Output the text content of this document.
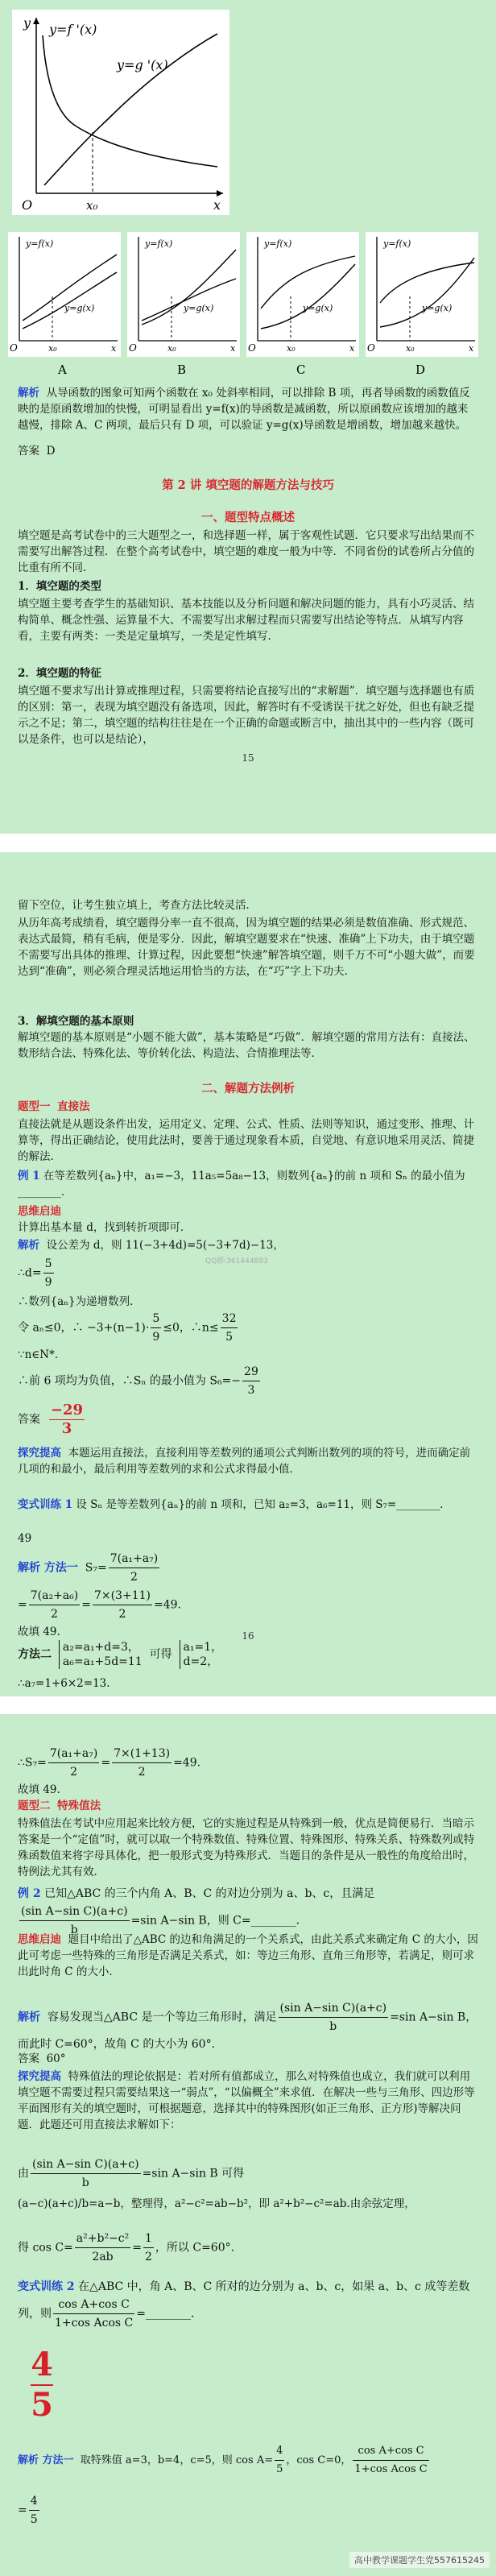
y y=f '(x)
y=g '(x)
O	x₀	x
y=f(x)
y=g(x)
O	x₀	x
A
y=f(x)
y=g(x)
O	x₀	x
B
y=f(x)
y=g(x)
O	x₀	x
C
y=f(x)
y=g(x)
O	x₀	x
D
解析 从导函数的图象可知两个函数在 x₀ 处斜率相同，可以排除 B 项，再者导函数的函数值反映的是原函数增加的快慢，可明显看出 y=f(x)的导函数是减函数，所以原函数应该增加的越来越慢，排除 A、C 两项，最后只有 D 项，可以验证 y=g(x)导函数是增函数，增加越来越快。
答案 D
第 2 讲 填空题的解题方法与技巧
一、题型特点概述
填空题是高考试卷中的三大题型之一，和选择题一样，属于客观性试题．它只要求写出结果而不需要写出解答过程．在整个高考试卷中，填空题的难度一般为中等．不同省份的试卷所占分值的比重有所不同．
1．填空题的类型
填空题主要考查学生的基础知识、基本技能以及分析问题和解决问题的能力，具有小巧灵活、结构简单、概念性强、运算量不大、不需要写出求解过程而只需要写出结论等特点．从填写内容看，主要有两类：一类是定量填写，一类是定性填写．
2．填空题的特征
填空题不要求写出计算或推理过程，只需要将结论直接写出的“求解题”．填空题与选择题也有质的区别：第一，表现为填空题没有备选项，因此，解答时有不受诱误干扰之好处，但也有缺乏提示之不足；第二，填空题的结构往往是在一个正确的命题或断言中，抽出其中的一些内容（既可以是条件，也可以是结论），
15
留下空位，让考生独立填上，考查方法比较灵活．
从历年高考成绩看，填空题得分率一直不很高，因为填空题的结果必须是数值准确、形式规范、表达式最简，稍有毛病，便是零分．因此，解填空题要求在“快速、准确”上下功夫，由于填空题不需要写出具体的推理、计算过程，因此要想“快速”解答填空题，则千万不可“小题大做”，而要达到“准确”，则必须合理灵活地运用恰当的方法，在“巧”字上下功夫．
3．解填空题的基本原则
解填空题的基本原则是“小题不能大做”，基本策略是“巧做”．解填空题的常用方法有：直接法、数形结合法、特殊化法、等价转化法、构造法、合情推理法等．
二、解题方法例析
题型一 直接法
直接法就是从题设条件出发，运用定义、定理、公式、性质、法则等知识，通过变形、推理、计算等，得出正确结论，使用此法时，要善于通过现象看本质，自觉地、有意识地采用灵活、简捷的解法．
例 1 在等差数列{aₙ}中，a₁=−3，11a₅=5a₈−13，则数列{aₙ}的前 n 项和 Sₙ 的最小值为________．
思维启迪
计算出基本量 d，找到转折项即可．
解析 设公差为 d，则 11(−3+4d)=5(−3+7d)−13，
∴d= $\frac{5}{9}$
∴数列{aₙ}为递增数列．
令 aₙ≤0，∴ $-3+(n-1)\cdot \frac{5}{9} \le 0$，∴n≤ $\frac{32}{5}$
∵n∈N*．
∴前 6 项均为负值，∴Sₙ 的最小值为 $S_6=- \frac{29}{3}$
答案 $\frac{-29}{3}$
探究提高 本题运用直接法，直接利用等差数列的通项公式判断出数列的项的符号，进而确定前几项的和最小，最后利用等差数列的求和公式求得最小值．
变式训练 1 设 Sₙ 是等差数列{aₙ}的前 n 项和，已知 a₂=3，a₆=11，则 S₇=________．
49
解析 方法一 $S_7= \frac{\text{7(a₁+a₇)}}{2}$
= $\frac{\text{7(a₂+a₆)}}{2} = \frac{7\times(3+11)}{2} =49$.
故填 49.
方法二
a₂=a₁+d=3，
a₆=a₁+5d=11
可得
a₁=1，
d=2，
∴a₇=1+6×2=13.
QQ群:361444893
16
∴S₇= $\frac{\text{7(a₁+a₇)}}{2} = \frac{7\times(1+13)}{2} =49$.
故填 49.
题型二 特殊值法
特殊值法在考试中应用起来比较方便，它的实施过程是从特殊到一般，优点是简便易行．当暗示答案是一个“定值”时，就可以取一个特殊数值、特殊位置、特殊图形、特殊关系、特殊数列或特殊函数值来将字母具体化，把一般形式变为特殊形式．当题目的条件是从一般性的角度给出时，特例法尤其有效．
例 2 已知△ABC 的三个内角 A、B、C 的对边分别为 a、b、c，且满足
$\frac{\text{(sin A−sin C)(a+c)}}{b} =\sin$ A−sin B，则 C=________．
思维启迪 题目中给出了△ABC 的边和角满足的一个关系式，由此关系式来确定角 C 的大小，因此可考虑一些特殊的三角形是否满足关系式，如：等边三角形、直角三角形等，若满足，则可求出此时角 C 的大小．
解析 容易发现当△ABC 是一个等边三角形时，满足 $\frac{\text{(sin A−sin C)(a+c)}}{b} =\sin$ A−sin B，而此时 C=60°，故角 C 的大小为 60°.
答案 60°
探究提高 特殊值法的理论依据是：若对所有值都成立，那么对特殊值也成立，我们就可以利用填空题不需要过程只需要结果这一“弱点”，“以偏概全”来求值．在解决一些与三角形、四边形等平面图形有关的填空题时，可根据题意，选择其中的特殊图形(如正三角形、正方形)等解决问题．此题还可用直接法求解如下：
由 $\frac{\text{(sin A−sin C)(a+c)}}{b} =\sin$ A−sin B 可得
(a−c)(a+c)/b=a−b，整理得，a²−c²=ab−b²，即 a²+b²−c²=ab.由余弦定理，
得 $\cos C= \frac{\text{a²+b²−c²}}{2ab} = \frac{1}{2}$ ，所以 C=60°.
变式训练 2 在△ABC 中，角 A、B、C 所对的边分别为 a、b、c，如果 a、b、c 成等差数列，则 $\frac{\text{cos A+cos C}}{\text{1+cos Acos C}}$ =________．
4
5
解析 方法一 取特殊值 a=3，b=4，c=5，则 $\cos A= \frac{4}{5}$ ，cos C=0， $\frac{\text{cos A+cos C}}{\text{1+cos Acos C}}$
= $\frac{4}{5}$
高中教学课题学生党557615245
